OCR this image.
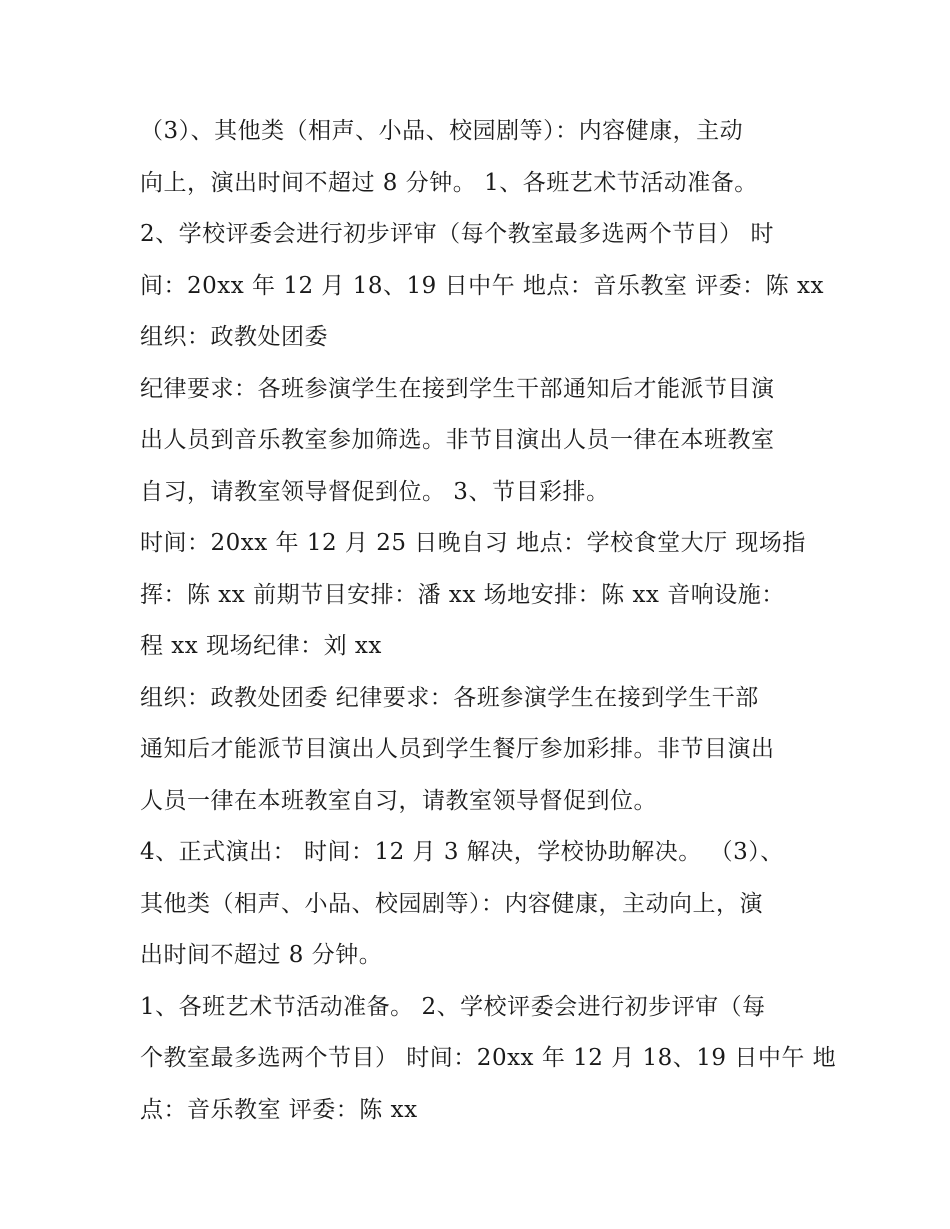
（3）、其他类（相声、小品、校园剧等）：内容健康，主动
向上，演出时间不超过 8 分钟。 1、各班艺术节活动准备。
2、学校评委会进行初步评审（每个教室最多选两个节目） 时
间：20xx 年 12 月 18、19 日中午 地点：音乐教室 评委：陈 xx
组织：政教处团委
纪律要求：各班参演学生在接到学生干部通知后才能派节目演
出人员到音乐教室参加筛选。非节目演出人员一律在本班教室
自习，请教室领导督促到位。 3、节目彩排。
时间：20xx 年 12 月 25 日晚自习 地点：学校食堂大厅 现场指
挥：陈 xx 前期节目安排：潘 xx 场地安排：陈 xx 音响设施：
程 xx 现场纪律：刘 xx
组织：政教处团委 纪律要求：各班参演学生在接到学生干部
通知后才能派节目演出人员到学生餐厅参加彩排。非节目演出
人员一律在本班教室自习，请教室领导督促到位。
4、正式演出： 时间：12 月 3 解决，学校协助解决。 （3）、
其他类（相声、小品、校园剧等）：内容健康，主动向上，演
出时间不超过 8 分钟。
1、各班艺术节活动准备。 2、学校评委会进行初步评审（每
个教室最多选两个节目） 时间：20xx 年 12 月 18、19 日中午 地
点：音乐教室 评委：陈 xx
